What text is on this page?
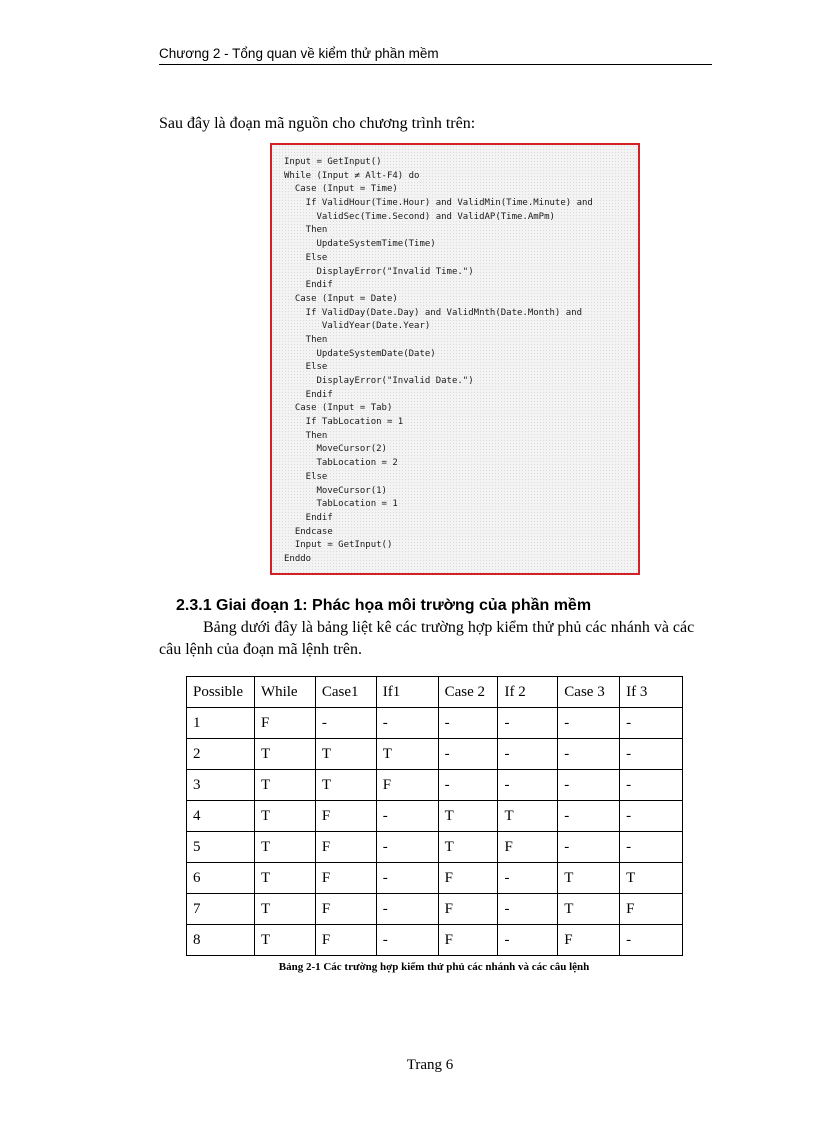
Chương 2 - Tổng quan về kiểm thử phần mềm
Sau đây là đoạn mã nguồn cho chương trình trên:
Input = GetInput()
While (Input ≠ Alt-F4) do
Case (Input = Time)
If ValidHour(Time.Hour) and ValidMin(Time.Minute) and
ValidSec(Time.Second) and ValidAP(Time.AmPm)
Then
UpdateSystemTime(Time)
Else
DisplayError("Invalid Time.")
Endif
Case (Input = Date)
If ValidDay(Date.Day) and ValidMnth(Date.Month) and
ValidYear(Date.Year)
Then
UpdateSystemDate(Date)
Else
DisplayError("Invalid Date.")
Endif
Case (Input = Tab)
If TabLocation = 1
Then
MoveCursor(2)
TabLocation = 2
Else
MoveCursor(1)
TabLocation = 1
Endif
Endcase
Input = GetInput()
Enddo
2.3.1 Giai đoạn 1: Phác họa môi trường của phần mềm
Bảng dưới đây là bảng liệt kê các trường hợp kiểm thử phủ các nhánh và các câu lệnh của đoạn mã lệnh trên.
Possible	While	Case1	If1	Case 2	If 2	Case 3	If 3
1	F	-	-	-	-	-	-
2	T	T	T	-	-	-	-
3	T	T	F	-	-	-	-
4	T	F	-	T	T	-	-
5	T	F	-	T	F	-	-
6	T	F	-	F	-	T	T
7	T	F	-	F	-	T	F
8	T	F	-	F	-	F	-
Bảng 2-1 Các trường hợp kiểm thử phủ các nhánh và các câu lệnh
Trang 6
